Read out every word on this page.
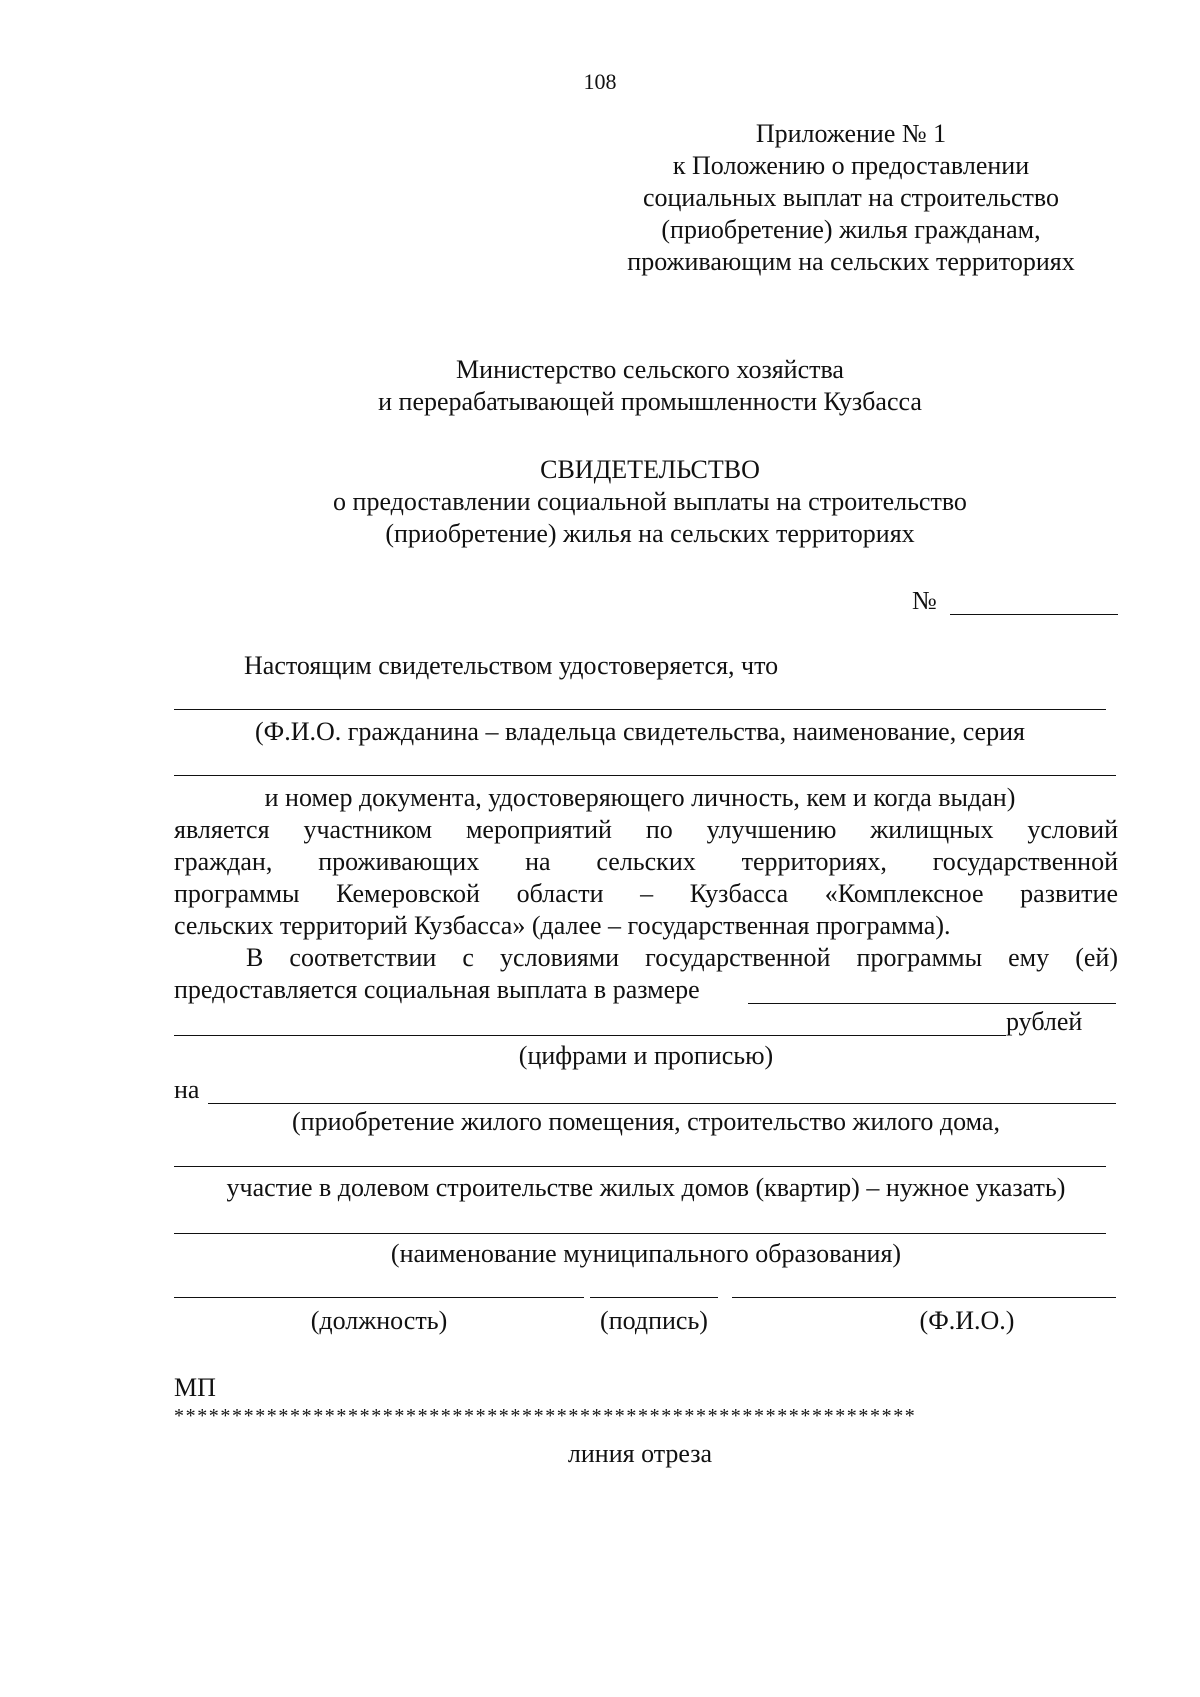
108
Приложение № 1
к Положению о предоставлении
социальных выплат на строительство
(приобретение) жилья гражданам,
проживающим на сельских территориях
Министерство сельского хозяйства
и перерабатывающей промышленности Кузбасса
СВИДЕТЕЛЬСТВО
о предоставлении социальной выплаты на строительство
(приобретение) жилья на сельских территориях
№
Настоящим свидетельством удостоверяется, что
(Ф.И.О. гражданина – владельца свидетельства, наименование, серия
и номер документа, удостоверяющего личность, кем и когда выдан)
является участником мероприятий по улучшению жилищных условий
граждан, проживающих на сельских территориях, государственной
программы Кемеровской области – Кузбасса «Комплексное развитие
сельских территорий Кузбасса» (далее – государственная программа).
В соответствии с условиями государственной программы ему (ей)
предоставляется социальная выплата в размере
рублей
(цифрами и прописью)
на
(приобретение жилого помещения, строительство жилого дома,
участие в долевом строительстве жилых домов (квартир) – нужное указать)
(наименование муниципального образования)
(должность)	(подпись)	(Ф.И.О.)
МП
****************************************************************
линия отреза
